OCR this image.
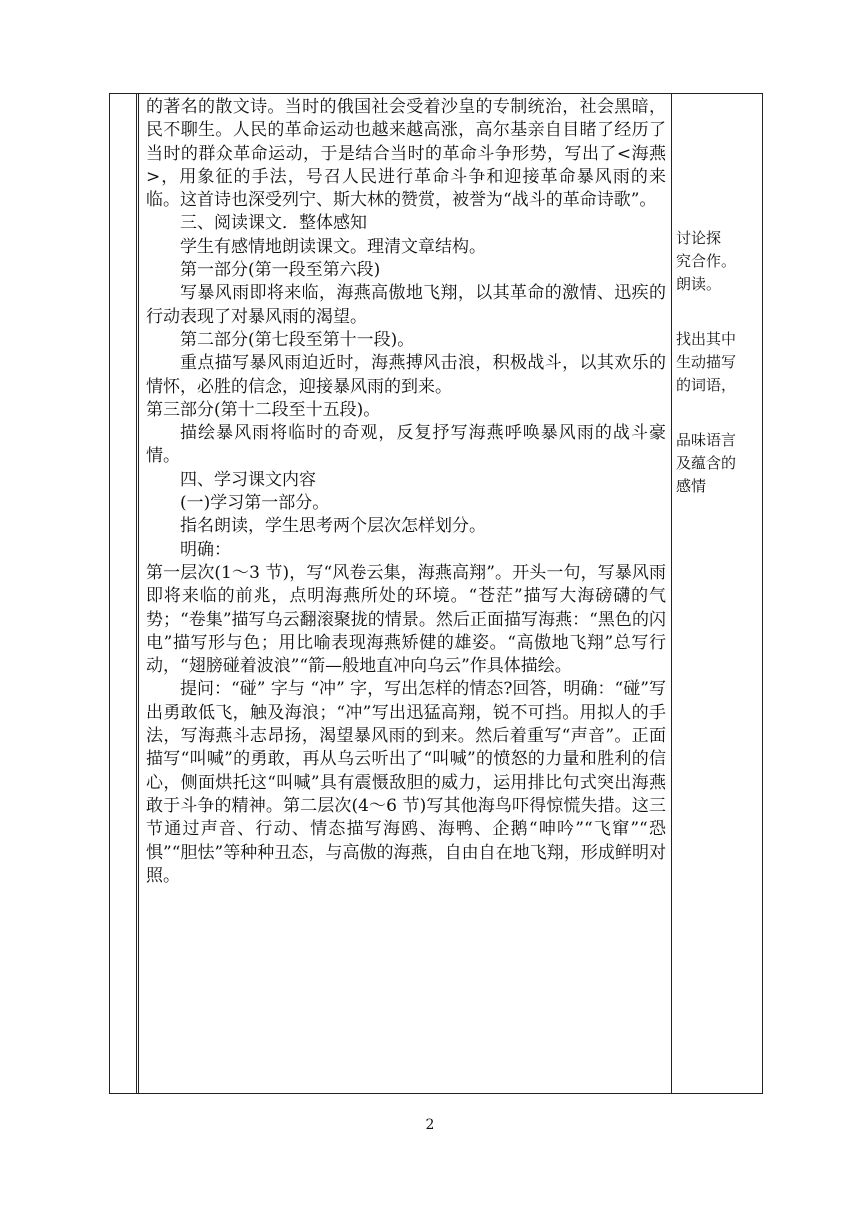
的著名的散文诗。当时的俄国社会受着沙皇的专制统治，社会黑暗，民不聊生。人民的革命运动也越来越高涨，高尔基亲自目睹了经历了当时的群众革命运动，于是结合当时的革命斗争形势，写出了<海燕>，用象征的手法，号召人民进行革命斗争和迎接革命暴风雨的来临。这首诗也深受列宁、斯大林的赞赏，被誉为“战斗的革命诗歌”。

三、阅读课文．整体感知

学生有感情地朗读课文。理清文章结构。

第一部分(第一段至第六段)

写暴风雨即将来临，海燕高傲地飞翔，以其革命的激情、迅疾的行动表现了对暴风雨的渴望。

第二部分(第七段至第十一段)。

重点描写暴风雨迫近时，海燕搏风击浪，积极战斗，以其欢乐的情怀，必胜的信念，迎接暴风雨的到来。

第三部分(第十二段至十五段)。

描绘暴风雨将临时的奇观，反复抒写海燕呼唤暴风雨的战斗豪情。

四、学习课文内容

(一)学习第一部分。

指名朗读，学生思考两个层次怎样划分。

明确：

第一层次(1～3 节)，写“风卷云集，海燕高翔”。开头一句，写暴风雨即将来临的前兆，点明海燕所处的环境。“苍茫”描写大海磅礴的气势；“卷集”描写乌云翻滚聚拢的情景。然后正面描写海燕：“黑色的闪电”描写形与色；用比喻表现海燕矫健的雄姿。“高傲地飞翔”总写行动，“翅膀碰着波浪”“箭—般地直冲向乌云”作具体描绘。

提问：“碰” 字与 “冲” 字，写出怎样的情态?回答，明确：“碰”写出勇敢低飞，触及海浪；“冲”写出迅猛高翔，锐不可挡。用拟人的手法，写海燕斗志昂扬，渴望暴风雨的到来。然后着重写“声音”。正面描写“叫喊”的勇敢，再从乌云听出了“叫喊”的愤怒的力量和胜利的信心，侧面烘托这“叫喊”具有震慑敌胆的威力，运用排比句式突出海燕敢于斗争的精神。第二层次(4～6 节)写其他海鸟吓得惊慌失措。这三节通过声音、行动、情态描写海鸥、海鸭、企鹅“呻吟”“飞窜”“恐惧”“胆怯”等种种丑态，与高傲的海燕，自由自在地飞翔，形成鲜明对照。

讨论探

究合作。

朗读。

找出其中

生动描写

的词语，

品味语言

及蕴含的

感情

2
